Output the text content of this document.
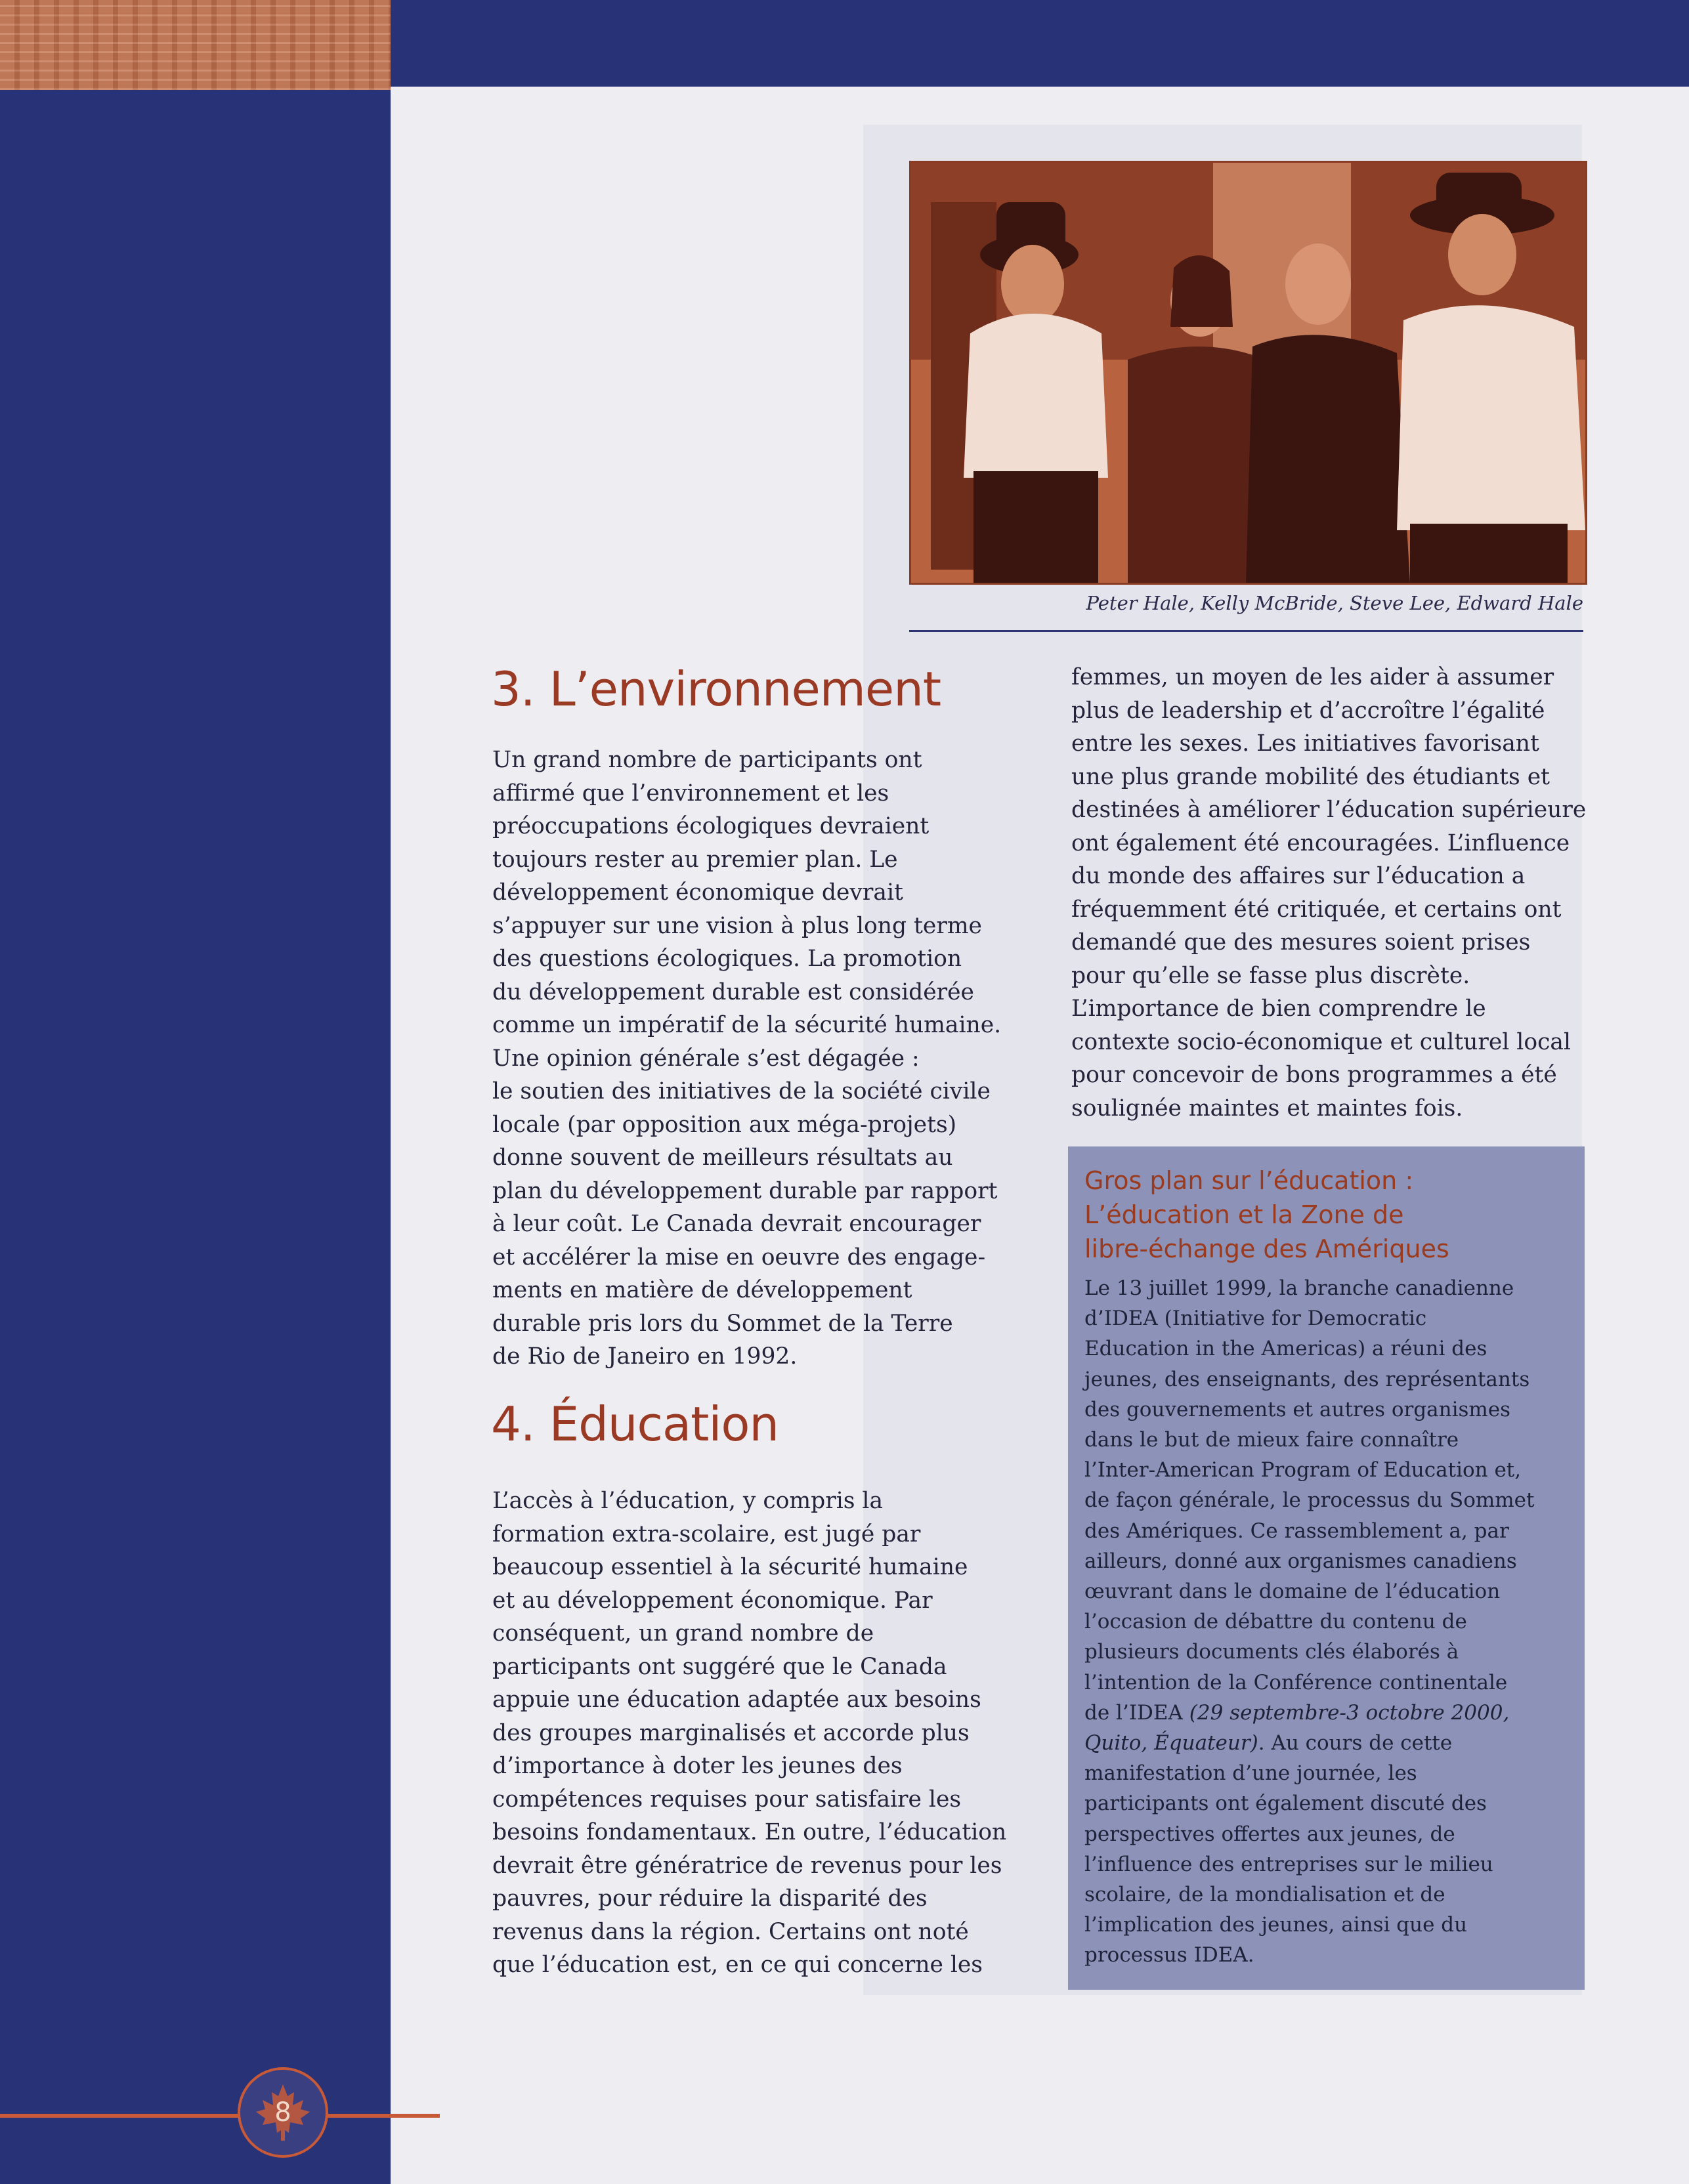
8
Peter Hale, Kelly McBride, Steve Lee, Edward Hale
3. L’environnement

Un grand nombre de participants ont
affirmé que l’environnement et les
préoccupations écologiques devraient
toujours rester au premier plan. Le
développement économique devrait
s’appuyer sur une vision à plus long terme
des questions écologiques. La promotion
du développement durable est considérée
comme un impératif de la sécurité humaine.
Une opinion générale s’est dégagée :
le soutien des initiatives de la société civile
locale (par opposition aux méga-projets)
donne souvent de meilleurs résultats au
plan du développement durable par rapport
à leur coût. Le Canada devrait encourager
et accélérer la mise en oeuvre des engage-
ments en matière de développement
durable pris lors du Sommet de la Terre
de Rio de Janeiro en 1992.

4. Éducation

L’accès à l’éducation, y compris la
formation extra-scolaire, est jugé par
beaucoup essentiel à la sécurité humaine
et au développement économique. Par
conséquent, un grand nombre de
participants ont suggéré que le Canada
appuie une éducation adaptée aux besoins
des groupes marginalisés et accorde plus
d’importance à doter les jeunes des
compétences requises pour satisfaire les
besoins fondamentaux. En outre, l’éducation
devrait être génératrice de revenus pour les
pauvres, pour réduire la disparité des
revenus dans la région. Certains ont noté
que l’éducation est, en ce qui concerne les

femmes, un moyen de les aider à assumer
plus de leadership et d’accroître l’égalité
entre les sexes. Les initiatives favorisant
une plus grande mobilité des étudiants et
destinées à améliorer l’éducation supérieure
ont également été encouragées. L’influence
du monde des affaires sur l’éducation a
fréquemment été critiquée, et certains ont
demandé que des mesures soient prises
pour qu’elle se fasse plus discrète.
L’importance de bien comprendre le
contexte socio-économique et culturel local
pour concevoir de bons programmes a été
soulignée maintes et maintes fois.

Gros plan sur l’éducation :
L’éducation et la Zone de
libre-échange des Amériques

Le 13 juillet 1999, la branche canadienne
d’IDEA (Initiative for Democratic
Education in the Americas) a réuni des
jeunes, des enseignants, des représentants
des gouvernements et autres organismes
dans le but de mieux faire connaître
l’Inter-American Program of Education et,
de façon générale, le processus du Sommet
des Amériques. Ce rassemblement a, par
ailleurs, donné aux organismes canadiens
œuvrant dans le domaine de l’éducation
l’occasion de débattre du contenu de
plusieurs documents clés élaborés à
l’intention de la Conférence continentale
de l’IDEA (29 septembre-3 octobre 2000,
Quito, Équateur). Au cours de cette
manifestation d’une journée, les
participants ont également discuté des
perspectives offertes aux jeunes, de
l’influence des entreprises sur le milieu
scolaire, de la mondialisation et de
l’implication des jeunes, ainsi que du
processus IDEA.
